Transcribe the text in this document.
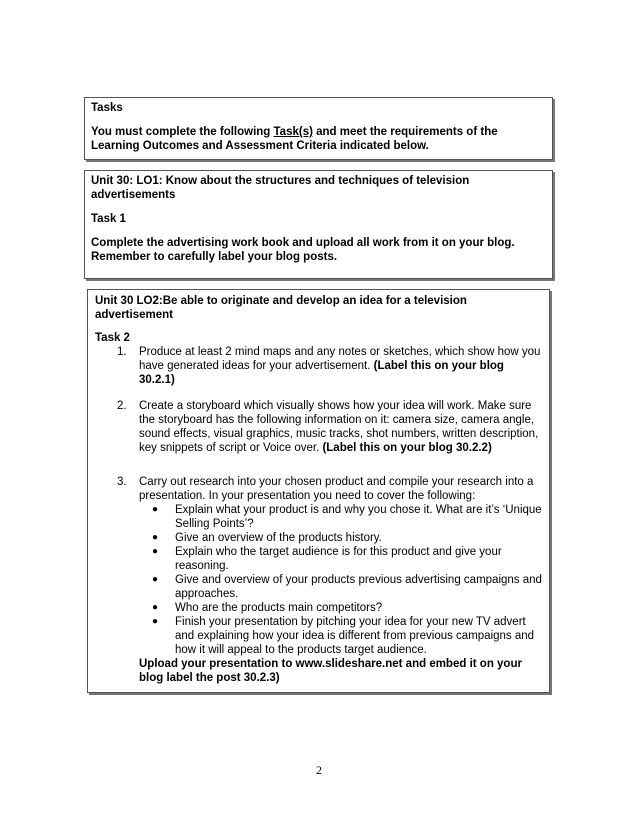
Tasks
You must complete the following Task(s) and meet the requirements of the Learning Outcomes and Assessment Criteria indicated below.
Unit 30: LO1: Know about the structures and techniques of television advertisements
Task 1
Complete the advertising work book and upload all work from it on your blog. Remember to carefully label your blog posts.
Unit 30 LO2:Be able to originate and develop an idea for a television advertisement
Task 2
1. Produce at least 2 mind maps and any notes or sketches, which show how you have generated ideas for your advertisement. (Label this on your blog 30.2.1)
2. Create a storyboard which visually shows how your idea will work. Make sure the storyboard has the following information on it: camera size, camera angle, sound effects, visual graphics, music tracks, shot numbers, written description, key snippets of script or Voice over. (Label this on your blog 30.2.2)
3. Carry out research into your chosen product and compile your research into a presentation. In your presentation you need to cover the following:
● Explain what your product is and why you chose it. What are it’s ‘Unique Selling Points’?
● Give an overview of the products history.
● Explain who the target audience is for this product and give your reasoning.
● Give and overview of your products previous advertising campaigns and approaches.
● Who are the products main competitors?
● Finish your presentation by pitching your idea for your new TV advert and explaining how your idea is different from previous campaigns and how it will appeal to the products target audience.
Upload your presentation to www.slideshare.net and embed it on your blog label the post 30.2.3)
2
